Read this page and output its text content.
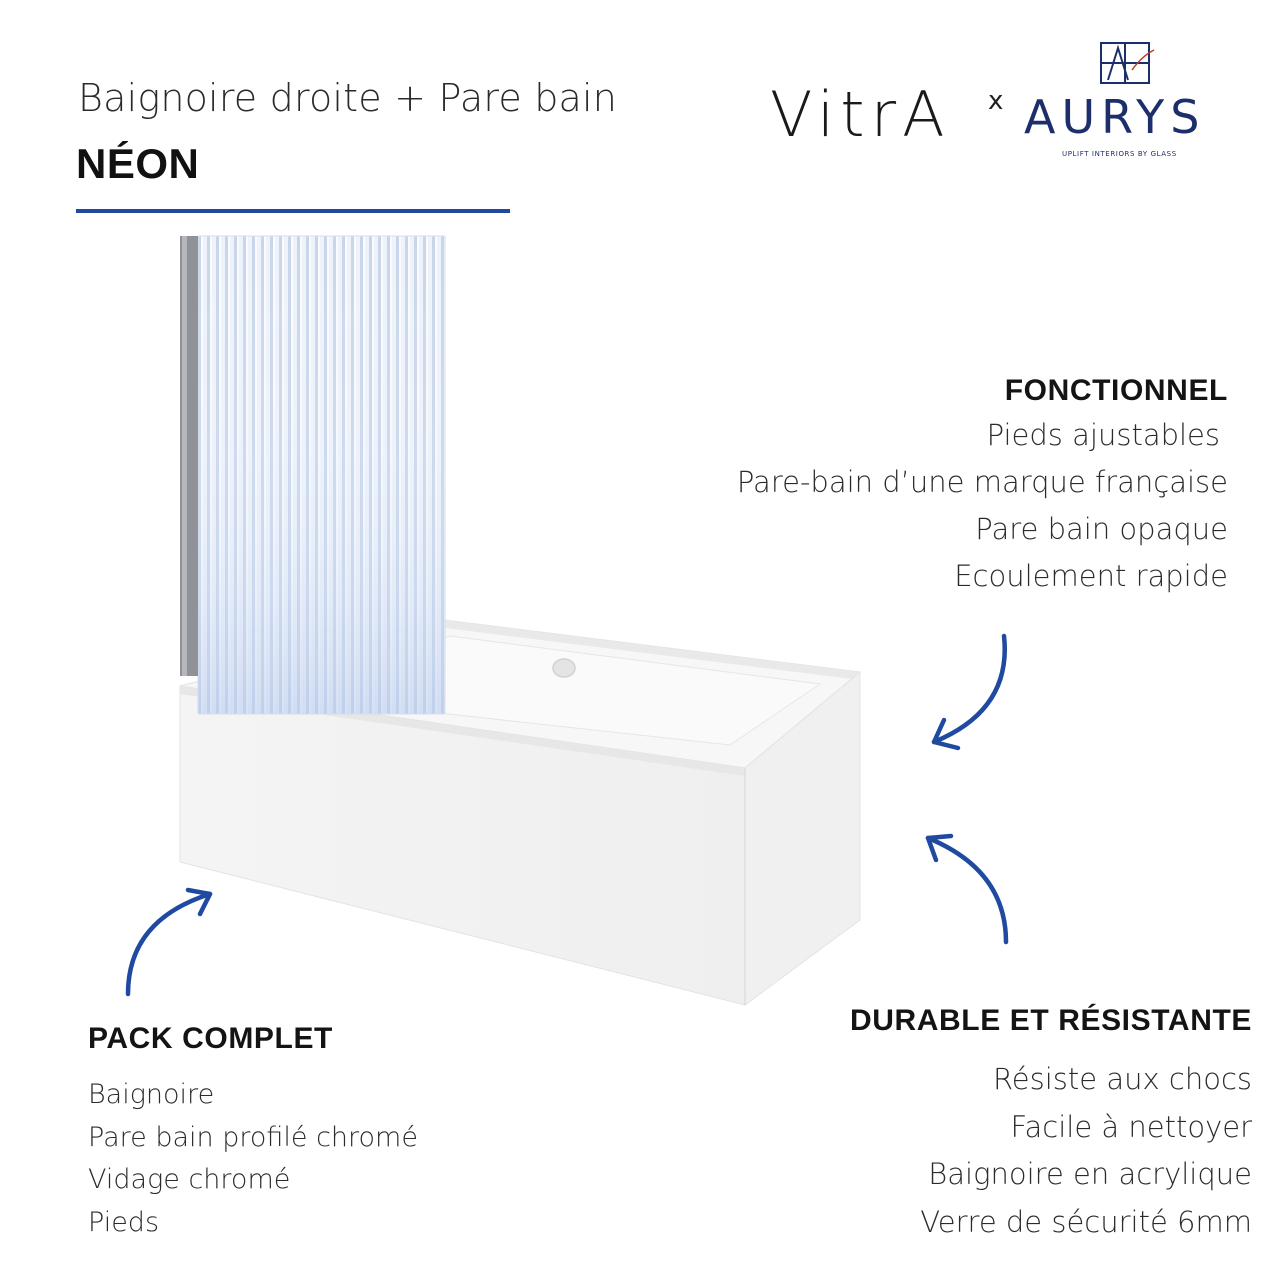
Baignoire droite + Pare bain
NÉON
VitrA x AURYS
UPLIFT INTERIORS BY GLASS
FONCTIONNEL
Pieds ajustables
Pare-bain d’une marque française
Pare bain opaque
Ecoulement rapide
DURABLE ET RÉSISTANTE
Résiste aux chocs
Facile à nettoyer
Baignoire en acrylique
Verre de sécurité 6mm
PACK COMPLET
Baignoire
Pare bain profilé chromé
Vidage chromé
Pieds
